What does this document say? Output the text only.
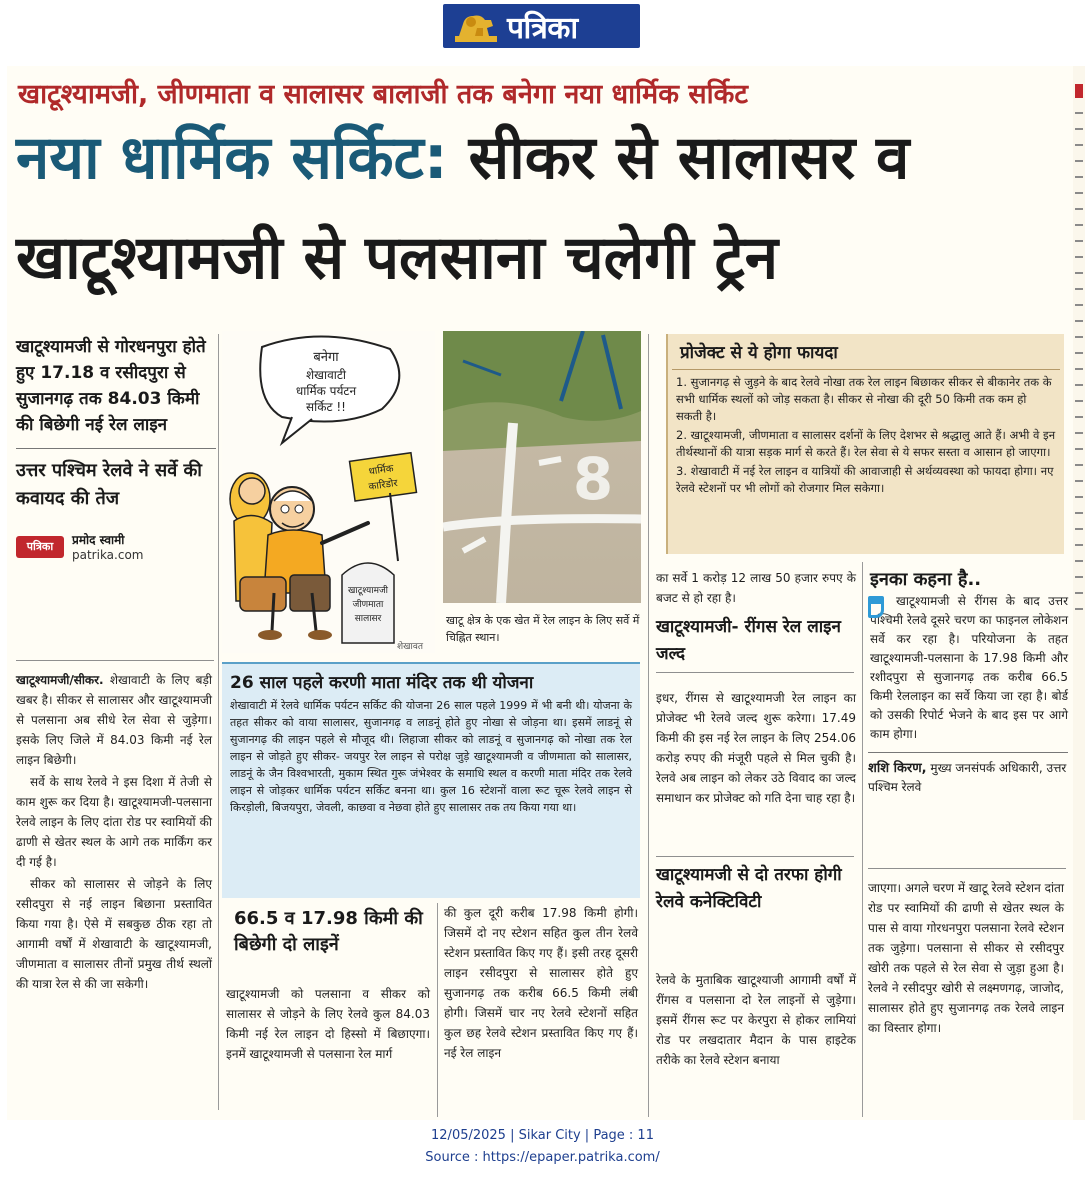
पत्रिका
खाटूश्यामजी, जीणमाता व सालासर बालाजी तक बनेगा नया धार्मिक सर्किट
नया धार्मिक सर्किट: सीकर से सालासर व
खाटूश्यामजी से पलसाना चलेगी ट्रेन
खाटूश्यामजी से गोरधनपुरा होते हुए 17.18 व रसीदपुरा से सुजानगढ़ तक 84.03 किमी की बिछेगी नई रेल लाइन
उत्तर पश्चिम रेलवे ने सर्वे की कवायद की तेज
पत्रिका प्रमोद स्वामी
patrika.com

खाटूश्यामजी/सीकर. शेखावाटी के लिए बड़ी खबर है। सीकर से सालासर और खाटूश्यामजी से पलसाना अब सीधे रेल सेवा से जुड़ेगा। इसके लिए जिले में 84.03 किमी नई रेल लाइन बिछेगी।

सर्वे के साथ रेलवे ने इस दिशा में तेजी से काम शुरू कर दिया है। खाटूश्यामजी-पलसाना रेलवे लाइन के लिए दांता रोड पर स्वामियों की ढाणी से खेतर स्थल के आगे तक मार्किंग कर दी गई है।

सीकर को सालासर से जोड़ने के लिए रसीदपुरा से नई लाइन बिछाना प्रस्तावित किया गया है। ऐसे में सबकुछ ठीक रहा तो आगामी वर्षों में शेखावाटी के खाटूश्यामजी, जीणमाता व सालासर तीनों प्रमुख तीर्थ स्थलों की यात्रा रेल से की जा सकेगी।

बनेगा
शेखावाटी
धार्मिक पर्यटन
सर्किट !!
धार्मिक
कारिडोर
खाटूश्यामजी
जीणमाता
सालासर
शेखावत
8
खाटू क्षेत्र के एक खेत में रेल लाइन के लिए सर्वे में चिह्नित स्थान।
26 साल पहले करणी माता मंदिर तक थी योजना

शेखावाटी में रेलवे धार्मिक पर्यटन सर्किट की योजना 26 साल पहले 1999 में भी बनी थी। योजना के तहत सीकर को वाया सालासर, सुजानगढ़ व लाडनूं होते हुए नोखा से जोड़ना था। इसमें लाडनूं से सुजानगढ़ की लाइन पहले से मौजूद थी। लिहाजा सीकर को लाडनूं व सुजानगढ़ को नोखा तक रेल लाइन से जोड़ते हुए सीकर- जयपुर रेल लाइन से परोक्ष जुड़े खाटूश्यामजी व जीणमाता को सालासर, लाडनूं के जैन विश्वभारती, मुकाम स्थित गुरू जंभेश्वर के समाधि स्थल व करणी माता मंदिर तक रेलवे लाइन से जोड़कर धार्मिक पर्यटन सर्किट बनना था। कुल 16 स्टेशनों वाला रूट चूरू रेलवे लाइन से किरड़ोली, बिजयपुरा, जेवली, काछवा व नेछवा होते हुए सालासर तक तय किया गया था।

66.5 व 17.98 किमी की बिछेगी दो लाइनें

खाटूश्यामजी को पलसाना व सीकर को सालासर से जोड़ने के लिए रेलवे कुल 84.03 किमी नई रेल लाइन दो हिस्सो में बिछाएगा। इनमें खाटूश्यामजी से पलसाना रेल मार्ग

की कुल दूरी करीब 17.98 किमी होगी। जिसमें दो नए स्टेशन सहित कुल तीन रेलवे स्टेशन प्रस्तावित किए गए हैं। इसी तरह दूसरी लाइन रसीदपुरा से सालासर होते हुए सुजानगढ़ तक करीब 66.5 किमी लंबी होगी। जिसमें चार नए रेलवे स्टेशनों सहित कुल छह रेलवे स्टेशन प्रस्तावित किए गए हैं। नई रेल लाइन

प्रोजेक्ट से ये होगा फायदा

1. सुजानगढ़ से जुड़ने के बाद रेलवे नोखा तक रेल लाइन बिछाकर सीकर से बीकानेर तक के सभी धार्मिक स्थलों को जोड़ सकता है। सीकर से नोखा की दूरी 50 किमी तक कम हो सकती है।

2. खाटूश्यामजी, जीणमाता व सालासर दर्शनों के लिए देशभर से श्रद्धालु आते हैं। अभी वे इन तीर्थस्थानों की यात्रा सड़क मार्ग से करते हैं। रेल सेवा से ये सफर सस्ता व आसान हो जाएगा।

3. शेखावाटी में नई रेल लाइन व यात्रियों की आवाजाही से अर्थव्यवस्था को फायदा होगा। नए रेलवे स्टेशनों पर भी लोगों को रोजगार मिल सकेगा।

का सर्वे 1 करोड़ 12 लाख 50 हजार रुपए के बजट से हो रहा है।

खाटूश्यामजी- रींगस रेल लाइन जल्द

इधर, रींगस से खाटूश्यामजी रेल लाइन का प्रोजेक्ट भी रेलवे जल्द शुरू करेगा। 17.49 किमी की इस नई रेल लाइन के लिए 254.06 करोड़ रुपए की मंजूरी पहले से मिल चुकी है। रेलवे अब लाइन को लेकर उठे विवाद का जल्द समाधान कर प्रोजेक्ट को गति देना चाह रहा है।

खाटूश्यामजी से दो तरफा होगी रेलवे कनेक्टिविटी

रेलवे के मुताबिक खाटूश्याजी आगामी वर्षों में रींगस व पलसाना दो रेल लाइनों से जुड़ेगा। इसमें रींगस रूट पर केरपुरा से होकर लामियां रोड पर लखदातार मैदान के पास हाइटेक तरीके का रेलवे स्टेशन बनाया

इनका कहना है..

खाटूश्यामजी से रींगस के बाद उत्तर पश्चिमी रेलवे दूसरे चरण का फाइनल लोकेशन सर्वे कर रहा है। परियोजना के तहत खाटूश्यामजी-पलसाना के 17.98 किमी और रशीदपुरा से सुजानगढ़ तक करीब 66.5 किमी रेललाइन का सर्वे किया जा रहा है। बोर्ड को उसकी रिपोर्ट भेजने के बाद इस पर आगे काम होगा।

शशि किरण, मुख्य जनसंपर्क अधिकारी, उत्तर पश्चिम रेलवे

जाएगा। अगले चरण में खाटू रेलवे स्टेशन दांता रोड पर स्वामियों की ढाणी से खेतर स्थल के पास से वाया गोरधनपुरा पलसाना रेलवे स्टेशन तक जुड़ेगा। पलसाना से सीकर से रसीदपुर खोरी तक पहले से रेल सेवा से जुड़ा हुआ है। रेलवे ने रसीदपुर खोरी से लक्ष्मणगढ़, जाजोद, सालासर होते हुए सुजानगढ़ तक रेलवे लाइन का विस्तार होगा।

12/05/2025 | Sikar City | Page : 11
Source : https://epaper.patrika.com/
